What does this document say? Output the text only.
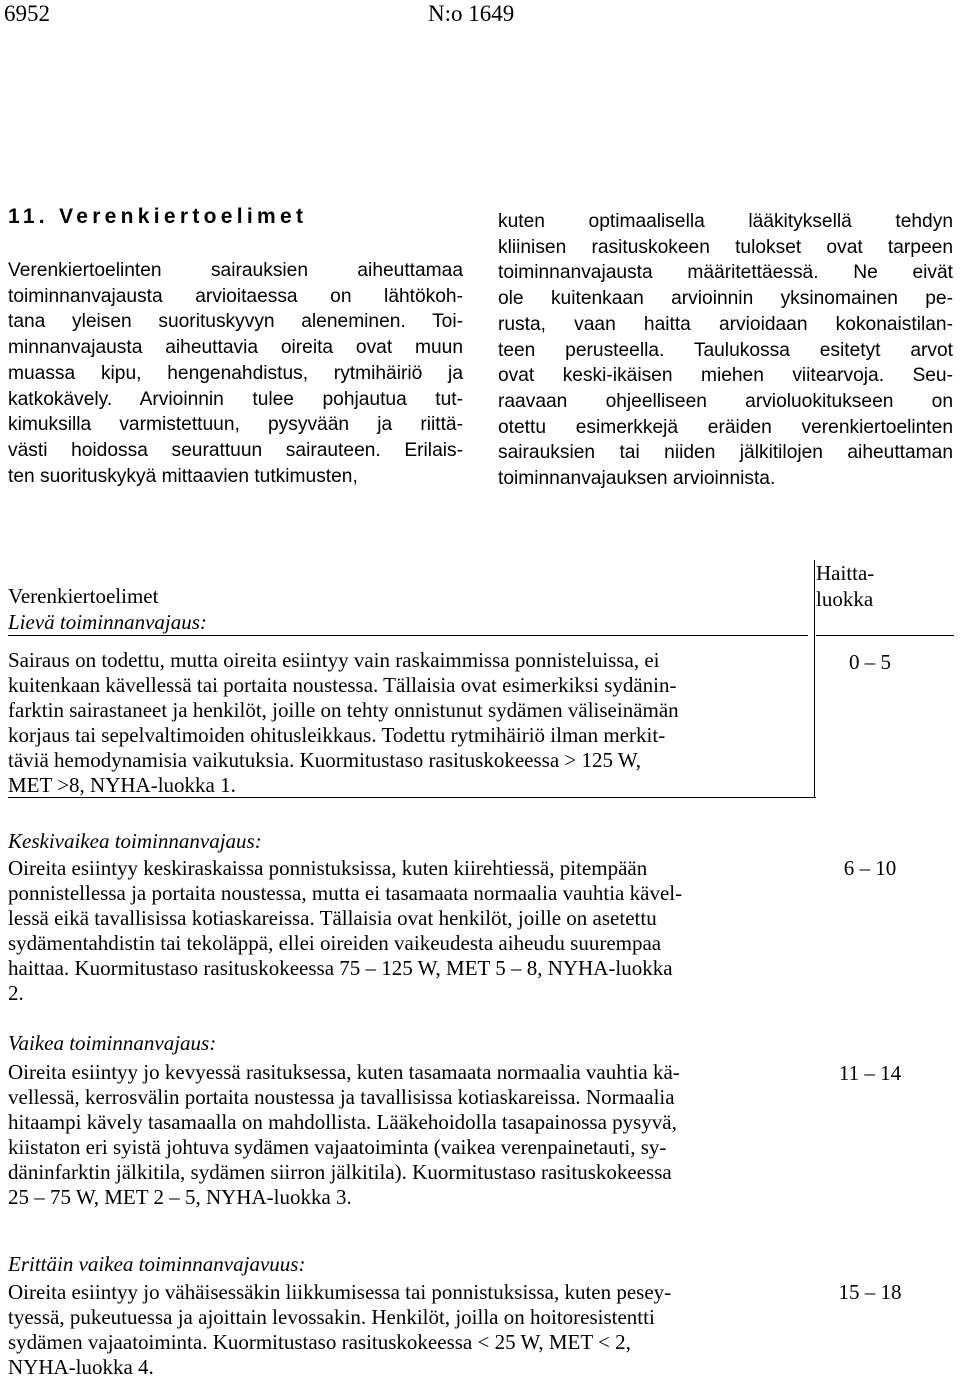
6952	N:o 1649
11. Verenkiertoelimet
Verenkiertoelinten sairauksien aiheuttamaa
toiminnanvajausta arvioitaessa on lähtökoh-
tana yleisen suorituskyvyn aleneminen. Toi-
minnanvajausta aiheuttavia oireita ovat muun
muassa kipu, hengenahdistus, rytmihäiriö ja
katkokävely. Arvioinnin tulee pohjautua tut-
kimuksilla varmistettuun, pysyvään ja riittä-
västi hoidossa seurattuun sairauteen. Erilais-
ten suorituskykyä mittaavien tutkimusten,
kuten optimaalisella lääkityksellä tehdyn
kliinisen rasituskokeen tulokset ovat tarpeen
toiminnanvajausta määritettäessä. Ne eivät
ole kuitenkaan arvioinnin yksinomainen pe-
rusta, vaan haitta arvioidaan kokonaistilan-
teen perusteella. Taulukossa esitetyt arvot
ovat keski-ikäisen miehen viitearvoja. Seu-
raavaan ohjeelliseen arvioluokitukseen on
otettu esimerkkejä eräiden verenkiertoelinten
sairauksien tai niiden jälkitilojen aiheuttaman
toiminnanvajauksen arvioinnista.
Verenkiertoelimet
Lievä toiminnanvajaus:
Haitta-
luokka
Sairaus on todettu, mutta oireita esiintyy vain raskaimmissa ponnisteluissa, ei
kuitenkaan kävellessä tai portaita noustessa. Tällaisia ovat esimerkiksi sydänin-
farktin sairastaneet ja henkilöt, joille on tehty onnistunut sydämen väliseinämän
korjaus tai sepelvaltimoiden ohitusleikkaus. Todettu rytmihäiriö ilman merkit-
täviä hemodynamisia vaikutuksia. Kuormitustaso rasituskokeessa > 125 W,
MET >8, NYHA-luokka 1.
0 – 5
Keskivaikea toiminnanvajaus:
Oireita esiintyy keskiraskaissa ponnistuksissa, kuten kiirehtiessä, pitempään
ponnistellessa ja portaita noustessa, mutta ei tasamaata normaalia vauhtia kävel-
lessä eikä tavallisissa kotiaskareissa. Tällaisia ovat henkilöt, joille on asetettu
sydämentahdistin tai tekoläppä, ellei oireiden vaikeudesta aiheudu suurempaa
haittaa. Kuormitustaso rasituskokeessa 75 – 125 W, MET 5 – 8, NYHA-luokka
2.
6 – 10
Vaikea toiminnanvajaus:
Oireita esiintyy jo kevyessä rasituksessa, kuten tasamaata normaalia vauhtia kä-
vellessä, kerrosvälin portaita noustessa ja tavallisissa kotiaskareissa. Normaalia
hitaampi kävely tasamaalla on mahdollista. Lääkehoidolla tasapainossa pysyvä,
kiistaton eri syistä johtuva sydämen vajaatoiminta (vaikea verenpainetauti, sy-
däninfarktin jälkitila, sydämen siirron jälkitila). Kuormitustaso rasituskokeessa
25 – 75 W, MET 2 – 5, NYHA-luokka 3.
11 – 14
Erittäin vaikea toiminnanvajavuus:
Oireita esiintyy jo vähäisessäkin liikkumisessa tai ponnistuksissa, kuten pesey-
tyessä, pukeutuessa ja ajoittain levossakin. Henkilöt, joilla on hoitoresistentti
sydämen vajaatoiminta. Kuormitustaso rasituskokeessa < 25 W, MET < 2,
NYHA-luokka 4.
15 – 18
